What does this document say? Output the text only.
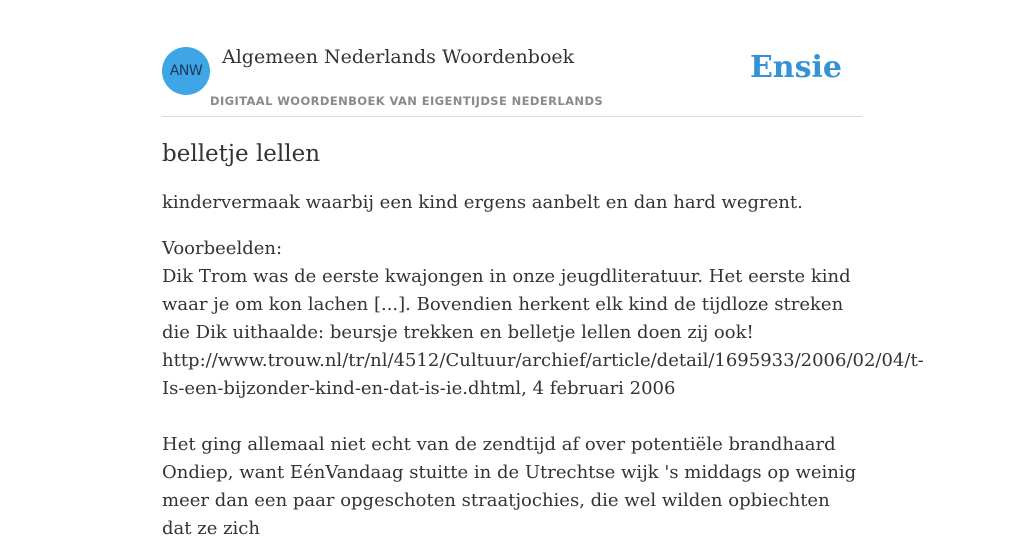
ANW
Algemeen Nederlands Woordenboek
DIGITAAL WOORDENBOEK VAN EIGENTIJDSE NEDERLANDS
Ensie
belletje lellen

kindervermaak waarbij een kind ergens aanbelt en dan hard wegrent.

Voorbeelden:
Dik Trom was de eerste kwajongen in onze jeugdliteratuur. Het eerste kind waar je om kon lachen [...]. Bovendien herkent elk kind de tijdloze streken die Dik uithaalde: beursje trekken en belletje lellen doen zij ook!
http://www.trouw.nl/tr/nl/4512/Cultuur/archief/article/detail/1695933/2006/02/04/t-
Is-een-bijzonder-kind-en-dat-is-ie.dhtml, 4 februari 2006
Het ging allemaal niet echt van de zendtijd af over potentiële brandhaard Ondiep, want EénVandaag stuitte in de Utrechtse wijk 's middags op weinig meer dan een paar opgeschoten straatjochies, die wel wilden opbiechten dat ze zich
